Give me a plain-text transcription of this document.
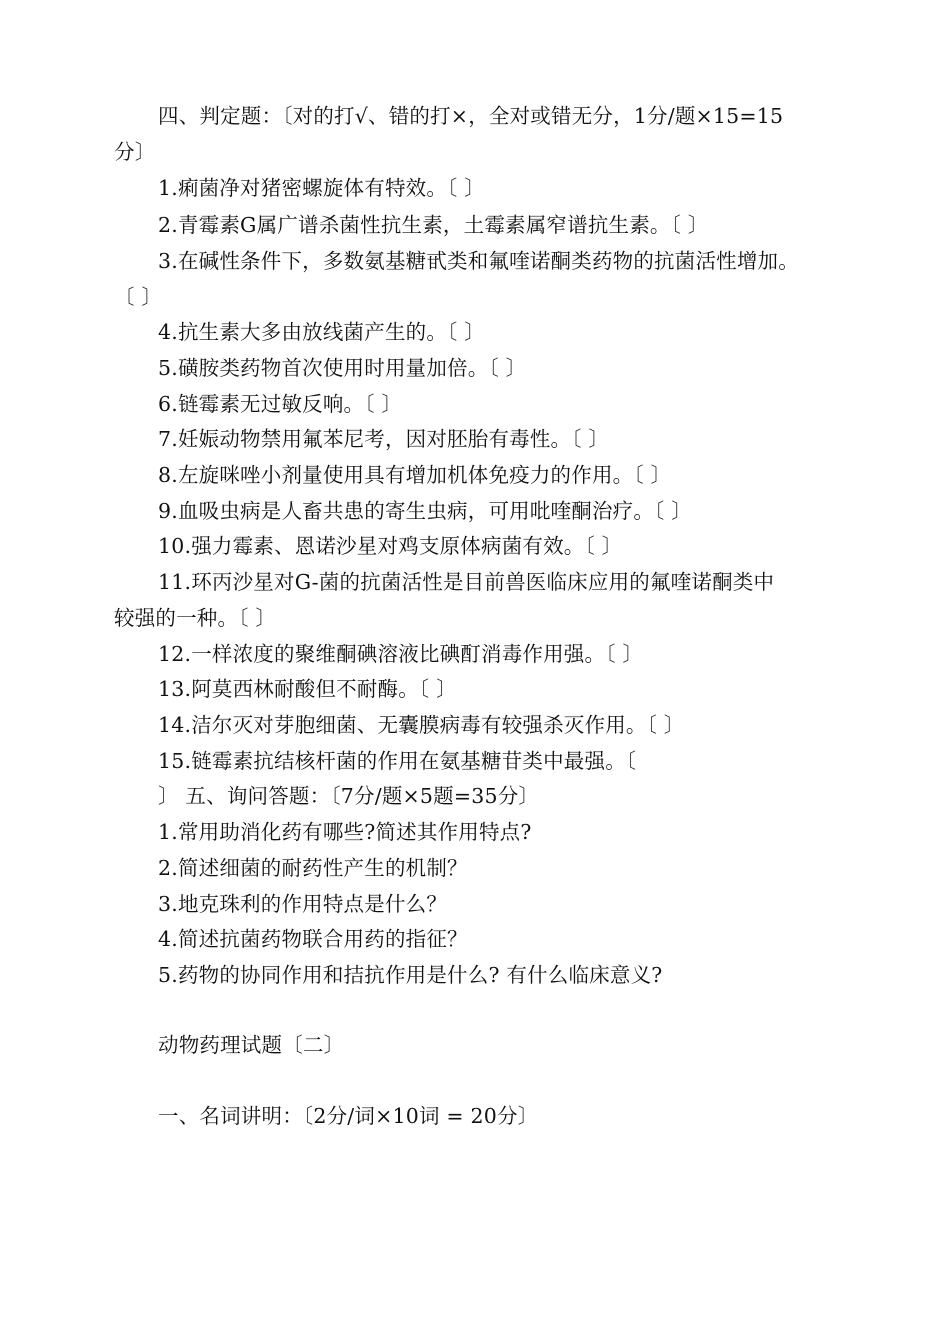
四、判定题：〔对的打√、错的打×，全对或错无分，1分/题×15=15
分〕
1.痢菌净对猪密螺旋体有特效。〔 〕
2.青霉素G属广谱杀菌性抗生素，土霉素属窄谱抗生素。〔 〕
3.在碱性条件下，多数氨基糖甙类和氟喹诺酮类药物的抗菌活性增加。
〔 〕
4.抗生素大多由放线菌产生的。〔 〕
5.磺胺类药物首次使用时用量加倍。〔 〕
6.链霉素无过敏反响。〔 〕
7.妊娠动物禁用氟苯尼考，因对胚胎有毒性。〔 〕
8.左旋咪唑小剂量使用具有增加机体免疫力的作用。〔 〕
9.血吸虫病是人畜共患的寄生虫病，可用吡喹酮治疗。〔 〕
10.强力霉素、恩诺沙星对鸡支原体病菌有效。〔 〕
11.环丙沙星对G-菌的抗菌活性是目前兽医临床应用的氟喹诺酮类中
较强的一种。〔 〕
12.一样浓度的聚维酮碘溶液比碘酊消毒作用强。〔 〕
13.阿莫西林耐酸但不耐酶。〔 〕
14.洁尔灭对芽胞细菌、无囊膜病毒有较强杀灭作用。〔 〕
15.链霉素抗结核杆菌的作用在氨基糖苷类中最强。〔
〕 五、询问答题：〔7分/题×5题=35分〕
1.常用助消化药有哪些?简述其作用特点?
2.简述细菌的耐药性产生的机制？
3.地克珠利的作用特点是什么？
4.简述抗菌药物联合用药的指征？
5.药物的协同作用和拮抗作用是什么? 有什么临床意义?
动物药理试题〔二〕
一、名词讲明：〔2分/词×10词 = 20分〕
